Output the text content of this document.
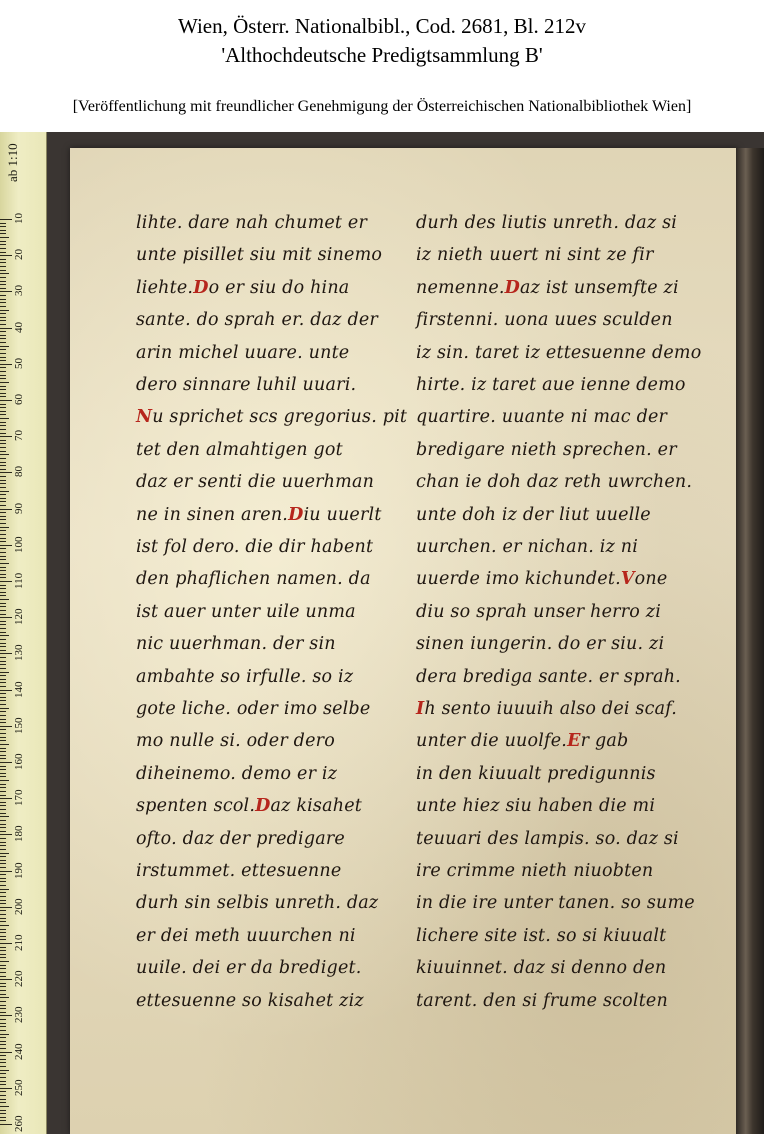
Wien, Österr. Nationalbibl., Cod. 2681, Bl. 212v
'Althochdeutsche Predigtsammlung B'
[Veröffentlichung mit freundlicher Genehmigung der Österreichischen Nationalbibliothek Wien]
ab 1:10
10
20
30
40
50
60
70
80
90
100
110
120
130
140
150
160
170
180
190
200
210
220
230
240
250
260
lihte. dare nah chumet er
unte pisillet siu mit sinemo
liehte.Do er siu do hina
sante. do sprah er. daz der
arin michel uuare. unte
dero sinnare luhil uuari.
Nu sprichet scs gregorius. pit
tet den almahtigen got
daz er senti die uuerhman
ne in sinen aren.Diu uuerlt
ist fol dero. die dir habent
den phaflichen namen. da
ist auer unter uile unma
nic uuerhman. der sin
ambahte so irfulle. so iz
gote liche. oder imo selbe
mo nulle si. oder dero
diheinemo. demo er iz
spenten scol.Daz kisahet
ofto. daz der predigare
irstummet. ettesuenne
durh sin selbis unreth. daz
er dei meth uuurchen ni
uuile. dei er da brediget.
ettesuenne so kisahet ziz
durh des liutis unreth. daz si
iz nieth uuert ni sint ze fir
nemenne.Daz ist unsemfte zi
firstenni. uona uues sculden
iz sin. taret iz ettesuenne demo
hirte. iz taret aue ienne demo
quartire. uuante ni mac der
bredigare nieth sprechen. er
chan ie doh daz reth uwrchen.
unte doh iz der liut uuelle
uurchen. er nichan. iz ni
uuerde imo kichundet.Vone
diu so sprah unser herro zi
sinen iungerin. do er siu. zi
dera brediga sante. er sprah.
Ih sento iuuuih also dei scaf.
unter die uuolfe.Er gab
in den kiuualt predigunnis
unte hiez siu haben die mi
teuuari des lampis. so. daz si
ire crimme nieth niuobten
in die ire unter tanen. so sume
lichere site ist. so si kiuualt
kiuuinnet. daz si denno den
tarent. den si frume scolten
